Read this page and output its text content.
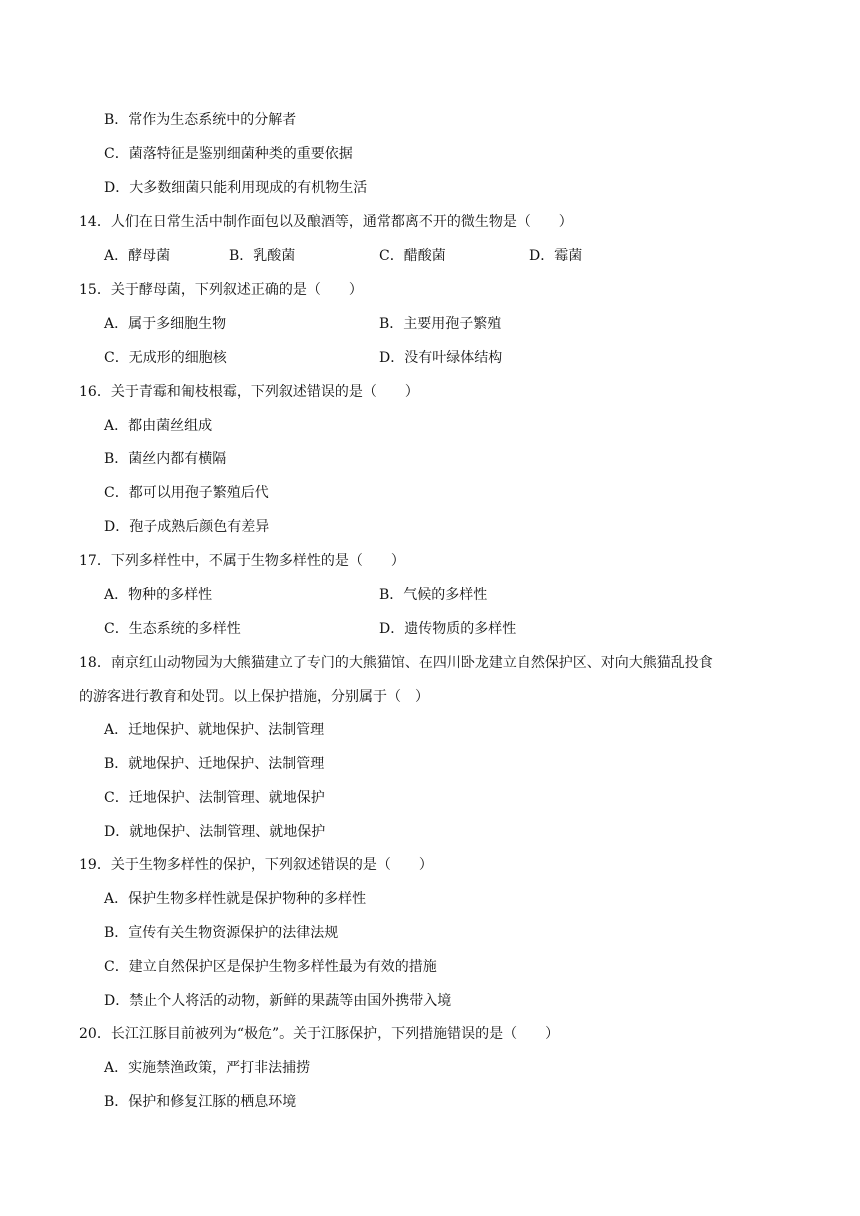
B．常作为生态系统中的分解者
C．菌落特征是鉴别细菌种类的重要依据
D．大多数细菌只能利用现成的有机物生活
14．人们在日常生活中制作面包以及酿酒等，通常都离不开的微生物是（　　）
A．酵母菌	B．乳酸菌	C．醋酸菌	D．霉菌
15．关于酵母菌，下列叙述正确的是（　　）
A．属于多细胞生物	B．主要用孢子繁殖
C．无成形的细胞核	D．没有叶绿体结构
16．关于青霉和匍枝根霉，下列叙述错误的是（　　）
A．都由菌丝组成
B．菌丝内都有横隔
C．都可以用孢子繁殖后代
D．孢子成熟后颜色有差异
17．下列多样性中，不属于生物多样性的是（　　）
A．物种的多样性	B．气候的多样性
C．生态系统的多样性	D．遗传物质的多样性
18．南京红山动物园为大熊猫建立了专门的大熊猫馆、在四川卧龙建立自然保护区、对向大熊猫乱投食
的游客进行教育和处罚。以上保护措施，分别属于（　）
A．迁地保护、就地保护、法制管理
B．就地保护、迁地保护、法制管理
C．迁地保护、法制管理、就地保护
D．就地保护、法制管理、就地保护
19．关于生物多样性的保护，下列叙述错误的是（　　）
A．保护生物多样性就是保护物种的多样性
B．宣传有关生物资源保护的法律法规
C．建立自然保护区是保护生物多样性最为有效的措施
D．禁止个人将活的动物，新鲜的果蔬等由国外携带入境
20．长江江豚目前被列为“极危”。关于江豚保护，下列措施错误的是（　　）
A．实施禁渔政策，严打非法捕捞
B．保护和修复江豚的栖息环境
